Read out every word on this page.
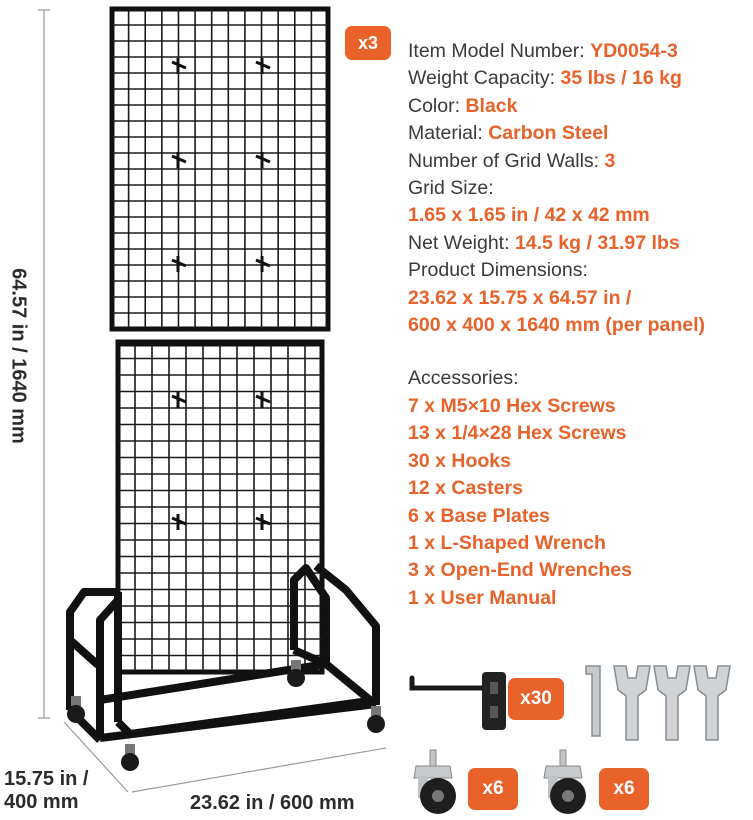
64.57 in / 1640 mm
15.75 in /
400 mm	23.62 in / 600 mm
x3	Item Model Number: YD0054-3
Weight Capacity: 35 lbs / 16 kg
Color: Black
Material: Carbon Steel
Number of Grid Walls: 3
Grid Size:
1.65 x 1.65 in / 42 x 42 mm
Net Weight: 14.5 kg / 31.97 lbs
Product Dimensions:
23.62 x 15.75 x 64.57 in /
600 x 400 x 1640 mm (per panel)
Accessories:
7 x M5×10 Hex Screws
13 x 1/4×28 Hex Screws
30 x Hooks
12 x Casters
6 x Base Plates
1 x L-Shaped Wrench
3 x Open-End Wrenches
1 x User Manual
x30
x6	x6
